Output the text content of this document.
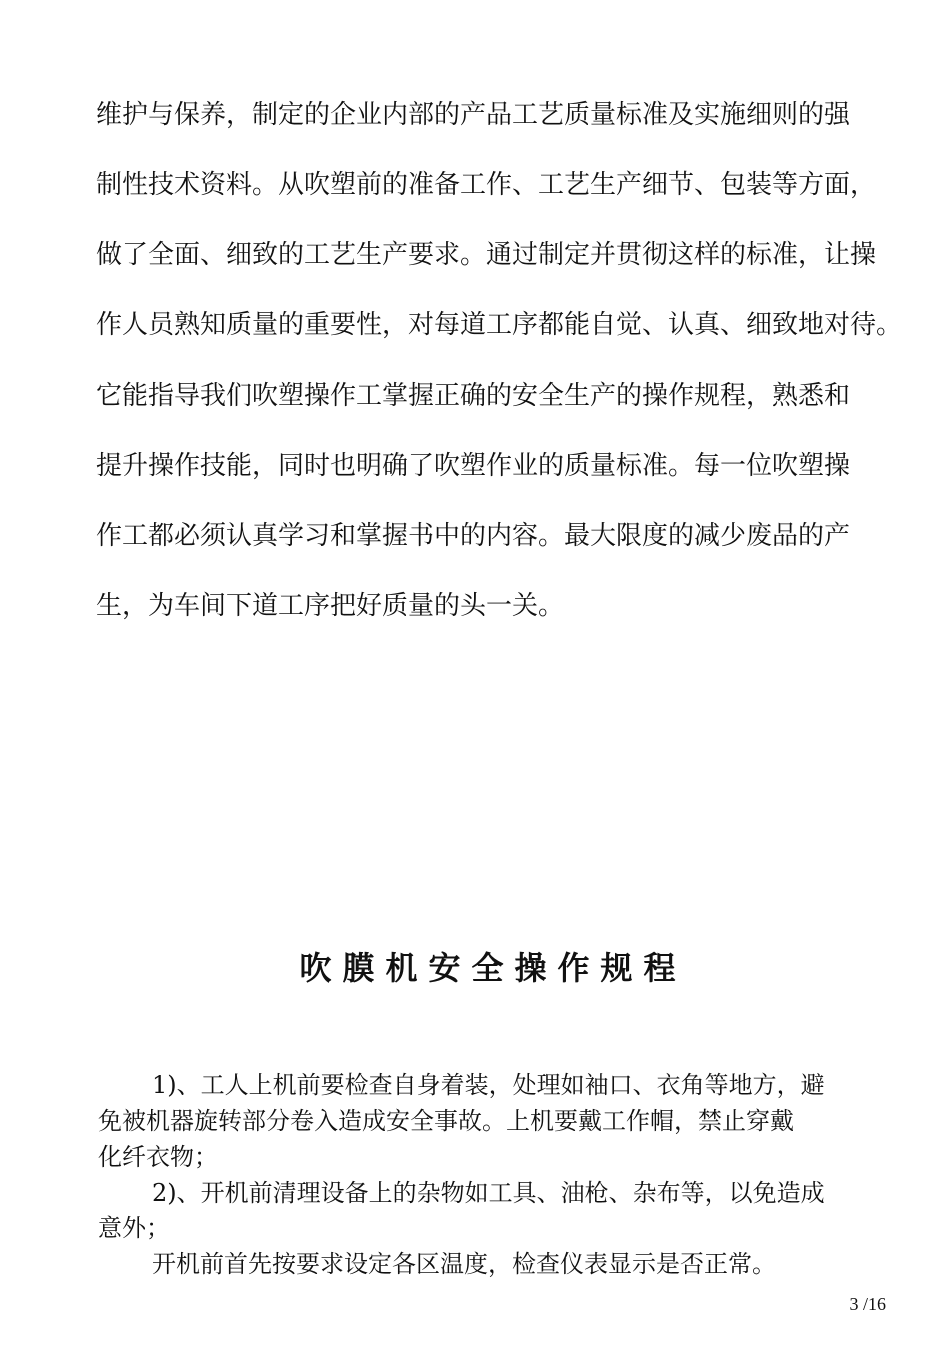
维护与保养，制定的企业内部的产品工艺质量标准及实施细则的强
制性技术资料。从吹塑前的准备工作、工艺生产细节、包装等方面，
做了全面、细致的工艺生产要求。通过制定并贯彻这样的标准，让操
作人员熟知质量的重要性，对每道工序都能自觉、认真、细致地对待。
它能指导我们吹塑操作工掌握正确的安全生产的操作规程，熟悉和
提升操作技能，同时也明确了吹塑作业的质量标准。每一位吹塑操
作工都必须认真学习和掌握书中的内容。最大限度的减少废品的产
生，为车间下道工序把好质量的头一关。
吹膜机安全操作规程
1)、工人上机前要检查自身着装，处理如袖口、衣角等地方，避
免被机器旋转部分卷入造成安全事故。上机要戴工作帽，禁止穿戴
化纤衣物；
2)、开机前清理设备上的杂物如工具、油枪、杂布等，以免造成
意外；
开机前首先按要求设定各区温度，检查仪表显示是否正常。
3 /16
